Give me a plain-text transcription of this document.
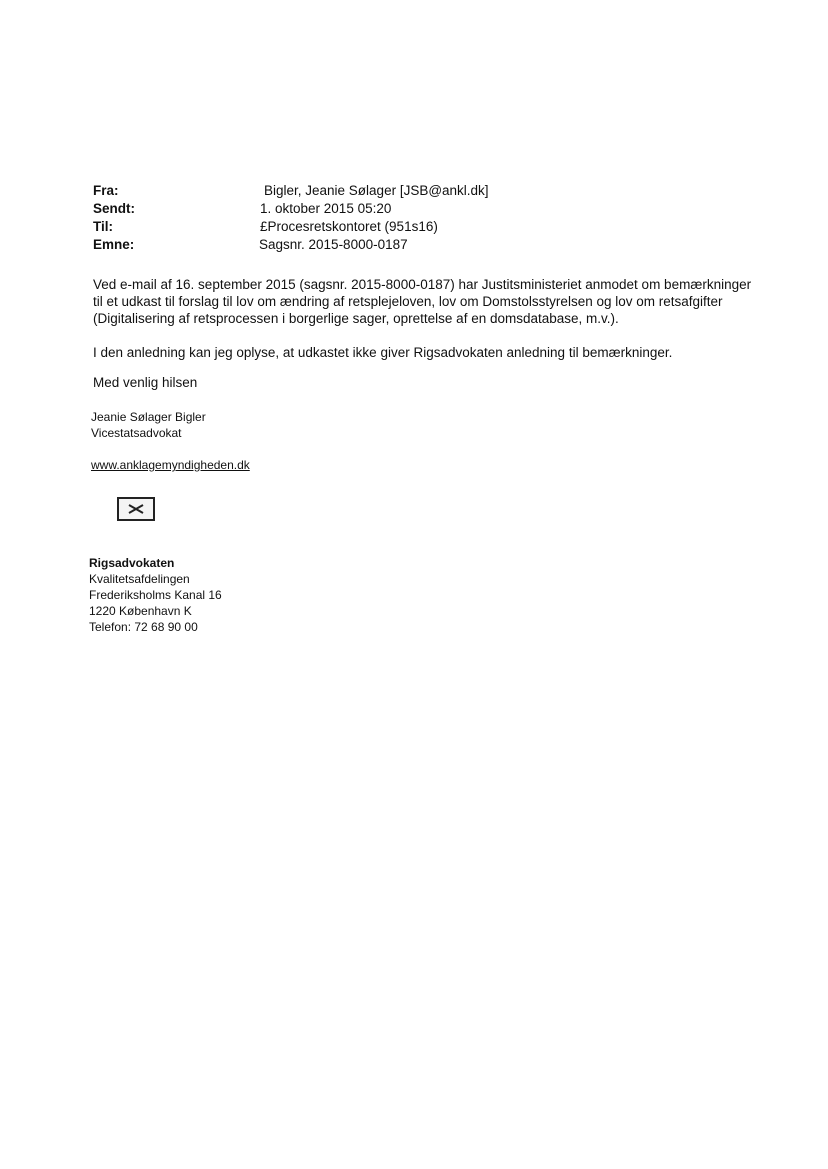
Fra:	Bigler, Jeanie Sølager [JSB@ankl.dk]
Sendt:	1. oktober 2015 05:20
Til:	£Procesretskontoret (951s16)
Emne:	Sagsnr. 2015-8000-0187
Ved e-mail af 16. september 2015 (sagsnr. 2015-8000-0187) har Justitsministeriet anmodet om bemærkninger
til et udkast til forslag til lov om ændring af retsplejeloven, lov om Domstolsstyrelsen og lov om retsafgifter
(Digitalisering af retsprocessen i borgerlige sager, oprettelse af en domsdatabase, m.v.).
I den anledning kan jeg oplyse, at udkastet ikke giver Rigsadvokaten anledning til bemærkninger.
Med venlig hilsen
Jeanie Sølager Bigler
Vicestatsadvokat
www.anklagemyndigheden.dk
Rigsadvokaten
Kvalitetsafdelingen
Frederiksholms Kanal 16
1220 København K
Telefon: 72 68 90 00
